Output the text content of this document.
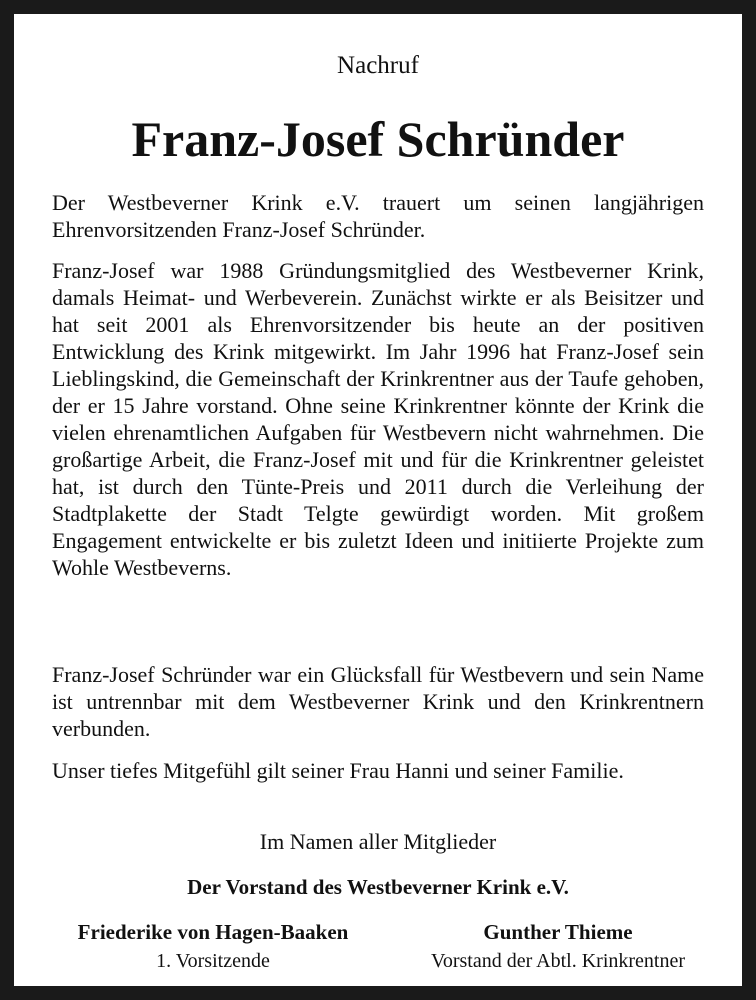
Nachruf
Franz-Josef Schründer

Der Westbeverner Krink e.V. trauert um seinen langjährigen Ehrenvorsitzenden Franz-Josef Schründer.

Franz-Josef war 1988 Gründungsmitglied des Westbeverner Krink, damals Heimat- und Werbeverein. Zunächst wirkte er als Beisitzer und hat seit 2001 als Ehrenvorsitzender bis heute an der positiven Entwicklung des Krink mitgewirkt. Im Jahr 1996 hat Franz-Josef sein Lieblingskind, die Gemeinschaft der Krinkrentner aus der Taufe gehoben, der er 15 Jahre vorstand. Ohne seine Krinkrentner könnte der Krink die vielen ehrenamtlichen Aufgaben für Westbevern nicht wahrnehmen. Die großartige Arbeit, die Franz-Josef mit und für die Krinkrentner geleistet hat, ist durch den Tünte-Preis und 2011 durch die Verleihung der Stadtplakette der Stadt Telgte gewürdigt worden. Mit großem Engagement entwickelte er bis zuletzt Ideen und initiierte Projekte zum Wohle Westbeverns.

Franz-Josef Schründer war ein Glücksfall für Westbevern und sein Name ist untrennbar mit dem Westbeverner Krink und den Krinkrentnern verbunden.

Unser tiefes Mitgefühl gilt seiner Frau Hanni und seiner Familie.

Im Namen aller Mitglieder
Der Vorstand des Westbeverner Krink e.V.
Friederike von Hagen-Baaken
1. Vorsitzende
Gunther Thieme
Vorstand der Abtl. Krinkrentner
